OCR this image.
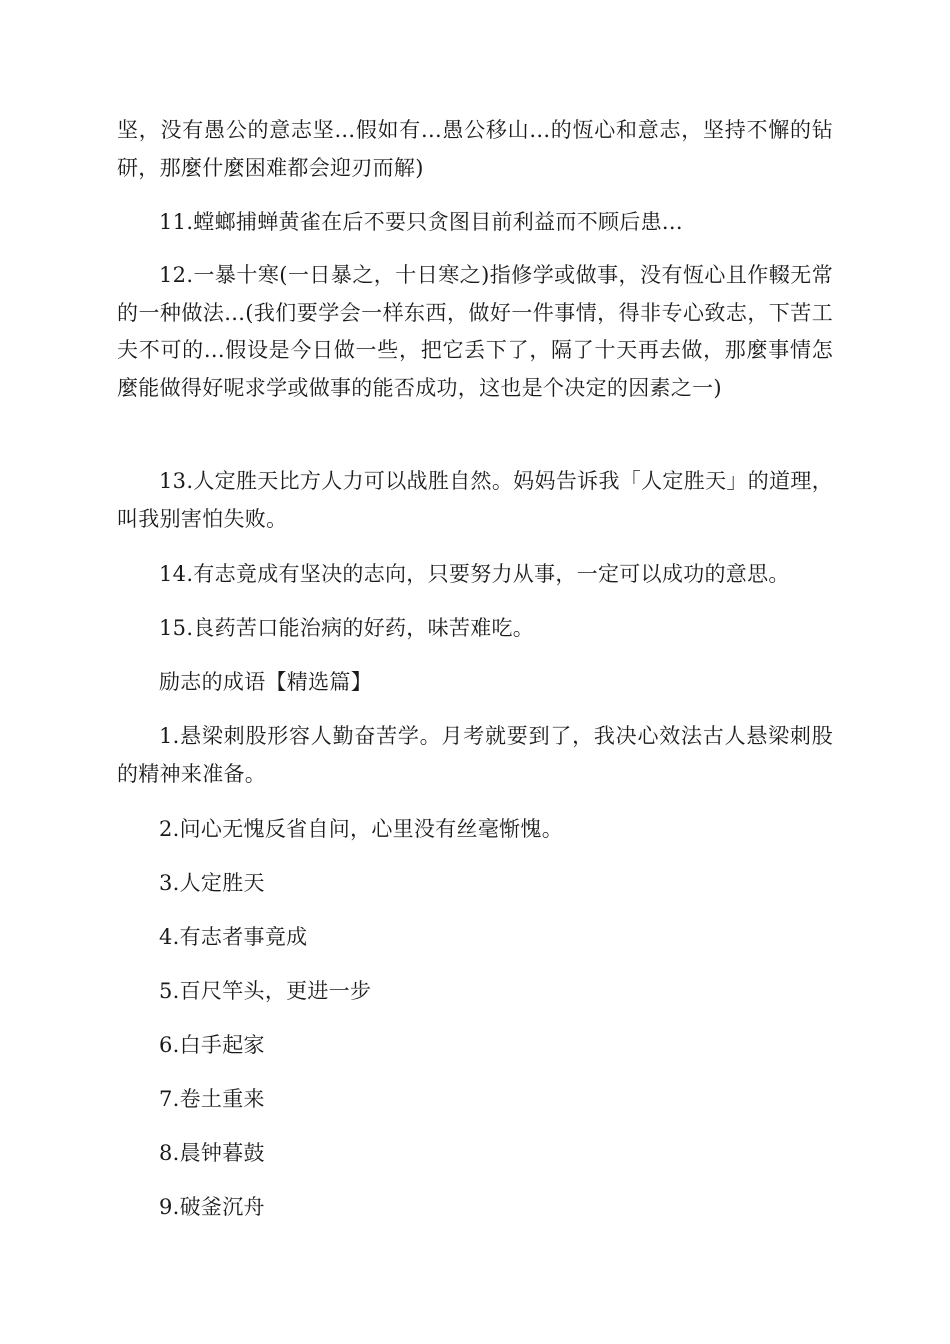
坚，没有愚公的意志坚...假如有...愚公移山...的恆心和意志，坚持不懈的钻研，那麼什麼困难都会迎刃而解)

11.螳螂捕蝉黄雀在后不要只贪图目前利益而不顾后患...

12.一暴十寒(一日暴之，十日寒之)指修学或做事，没有恆心且作輟无常的一种做法...(我们要学会一样东西，做好一件事情，得非专心致志，下苦工夫不可的...假设是今日做一些，把它丢下了，隔了十天再去做，那麼事情怎麼能做得好呢求学或做事的能否成功，这也是个决定的因素之一)

13.人定胜天比方人力可以战胜自然。妈妈告诉我「人定胜天」的道理，叫我别害怕失败。

14.有志竟成有坚决的志向，只要努力从事，一定可以成功的意思。

15.良药苦口能治病的好药，味苦难吃。

励志的成语【精选篇】

1.悬梁刺股形容人勤奋苦学。月考就要到了，我决心效法古人悬梁刺股的精神来准备。

2.问心无愧反省自问，心里没有丝毫惭愧。

3.人定胜天

4.有志者事竟成

5.百尺竿头，更进一步

6.白手起家

7.卷土重来

8.晨钟暮鼓

9.破釜沉舟
